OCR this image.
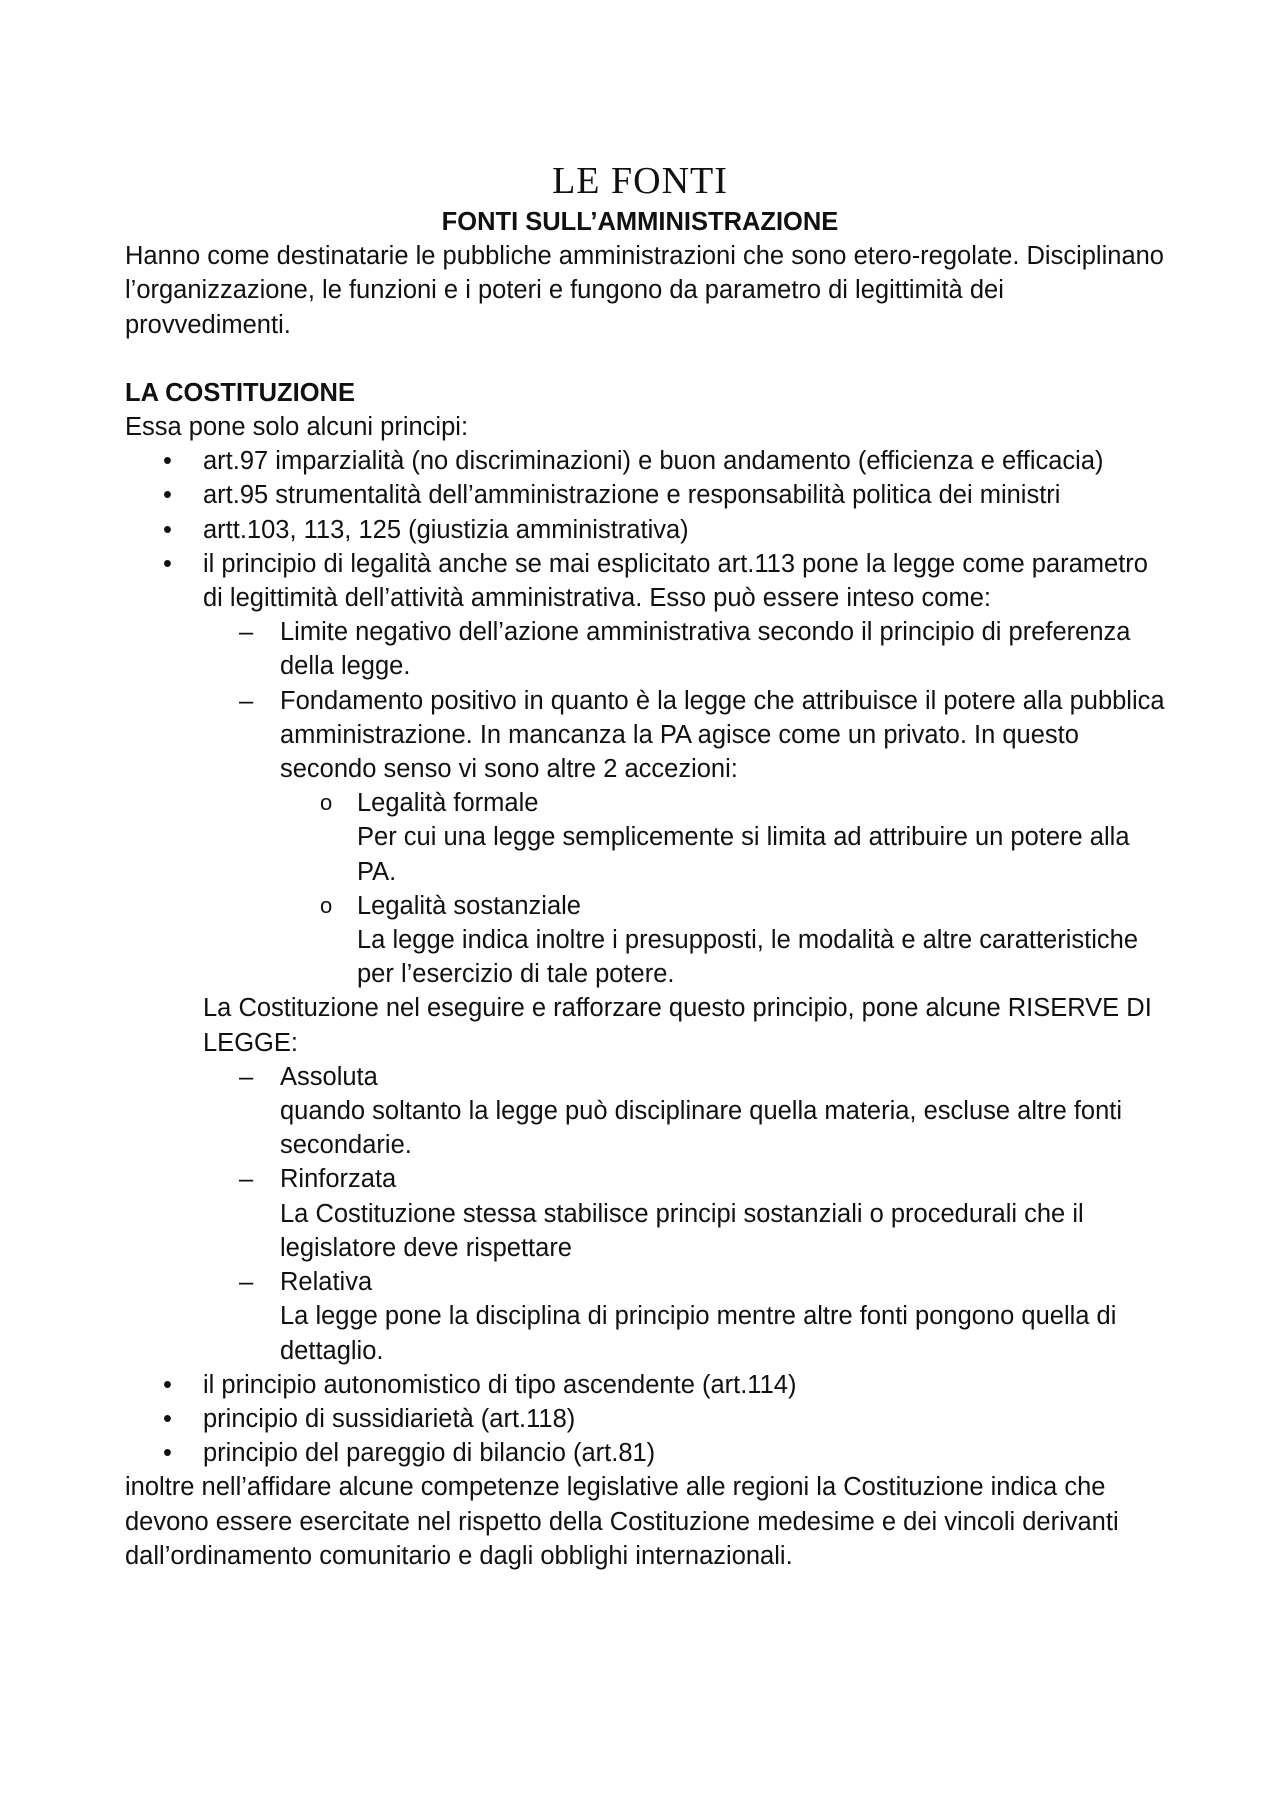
LE FONTI
FONTI SULL’AMMINISTRAZIONE
Hanno come destinatarie le pubbliche amministrazioni che sono etero-regolate. Disciplinano l’organizzazione, le funzioni e i poteri e fungono da parametro di legittimità dei provvedimenti.
LA COSTITUZIONE
Essa pone solo alcuni principi:
• art.97 imparzialità (no discriminazioni) e buon andamento (efficienza e efficacia)
• art.95 strumentalità dell’amministrazione e responsabilità politica dei ministri
• artt.103, 113, 125 (giustizia amministrativa)
• il principio di legalità anche se mai esplicitato art.113 pone la legge come parametro di legittimità dell’attività amministrativa. Esso può essere inteso come:
– Limite negativo dell’azione amministrativa secondo il principio di preferenza della legge.
– Fondamento positivo in quanto è la legge che attribuisce il potere alla pubblica amministrazione. In mancanza la PA agisce come un privato. In questo secondo senso vi sono altre 2 accezioni:
o Legalità formale
Per cui una legge semplicemente si limita ad attribuire un potere alla PA.
o Legalità sostanziale
La legge indica inoltre i presupposti, le modalità e altre caratteristiche per l’esercizio di tale potere.
La Costituzione nel eseguire e rafforzare questo principio, pone alcune RISERVE DI LEGGE:
– Assoluta
quando soltanto la legge può disciplinare quella materia, escluse altre fonti secondarie.
– Rinforzata
La Costituzione stessa stabilisce principi sostanziali o procedurali che il legislatore deve rispettare
– Relativa
La legge pone la disciplina di principio mentre altre fonti pongono quella di dettaglio.
• il principio autonomistico di tipo ascendente (art.114)
• principio di sussidiarietà (art.118)
• principio del pareggio di bilancio (art.81)
inoltre nell’affidare alcune competenze legislative alle regioni la Costituzione indica che devono essere esercitate nel rispetto della Costituzione medesime e dei vincoli derivanti dall’ordinamento comunitario e dagli obblighi internazionali.
